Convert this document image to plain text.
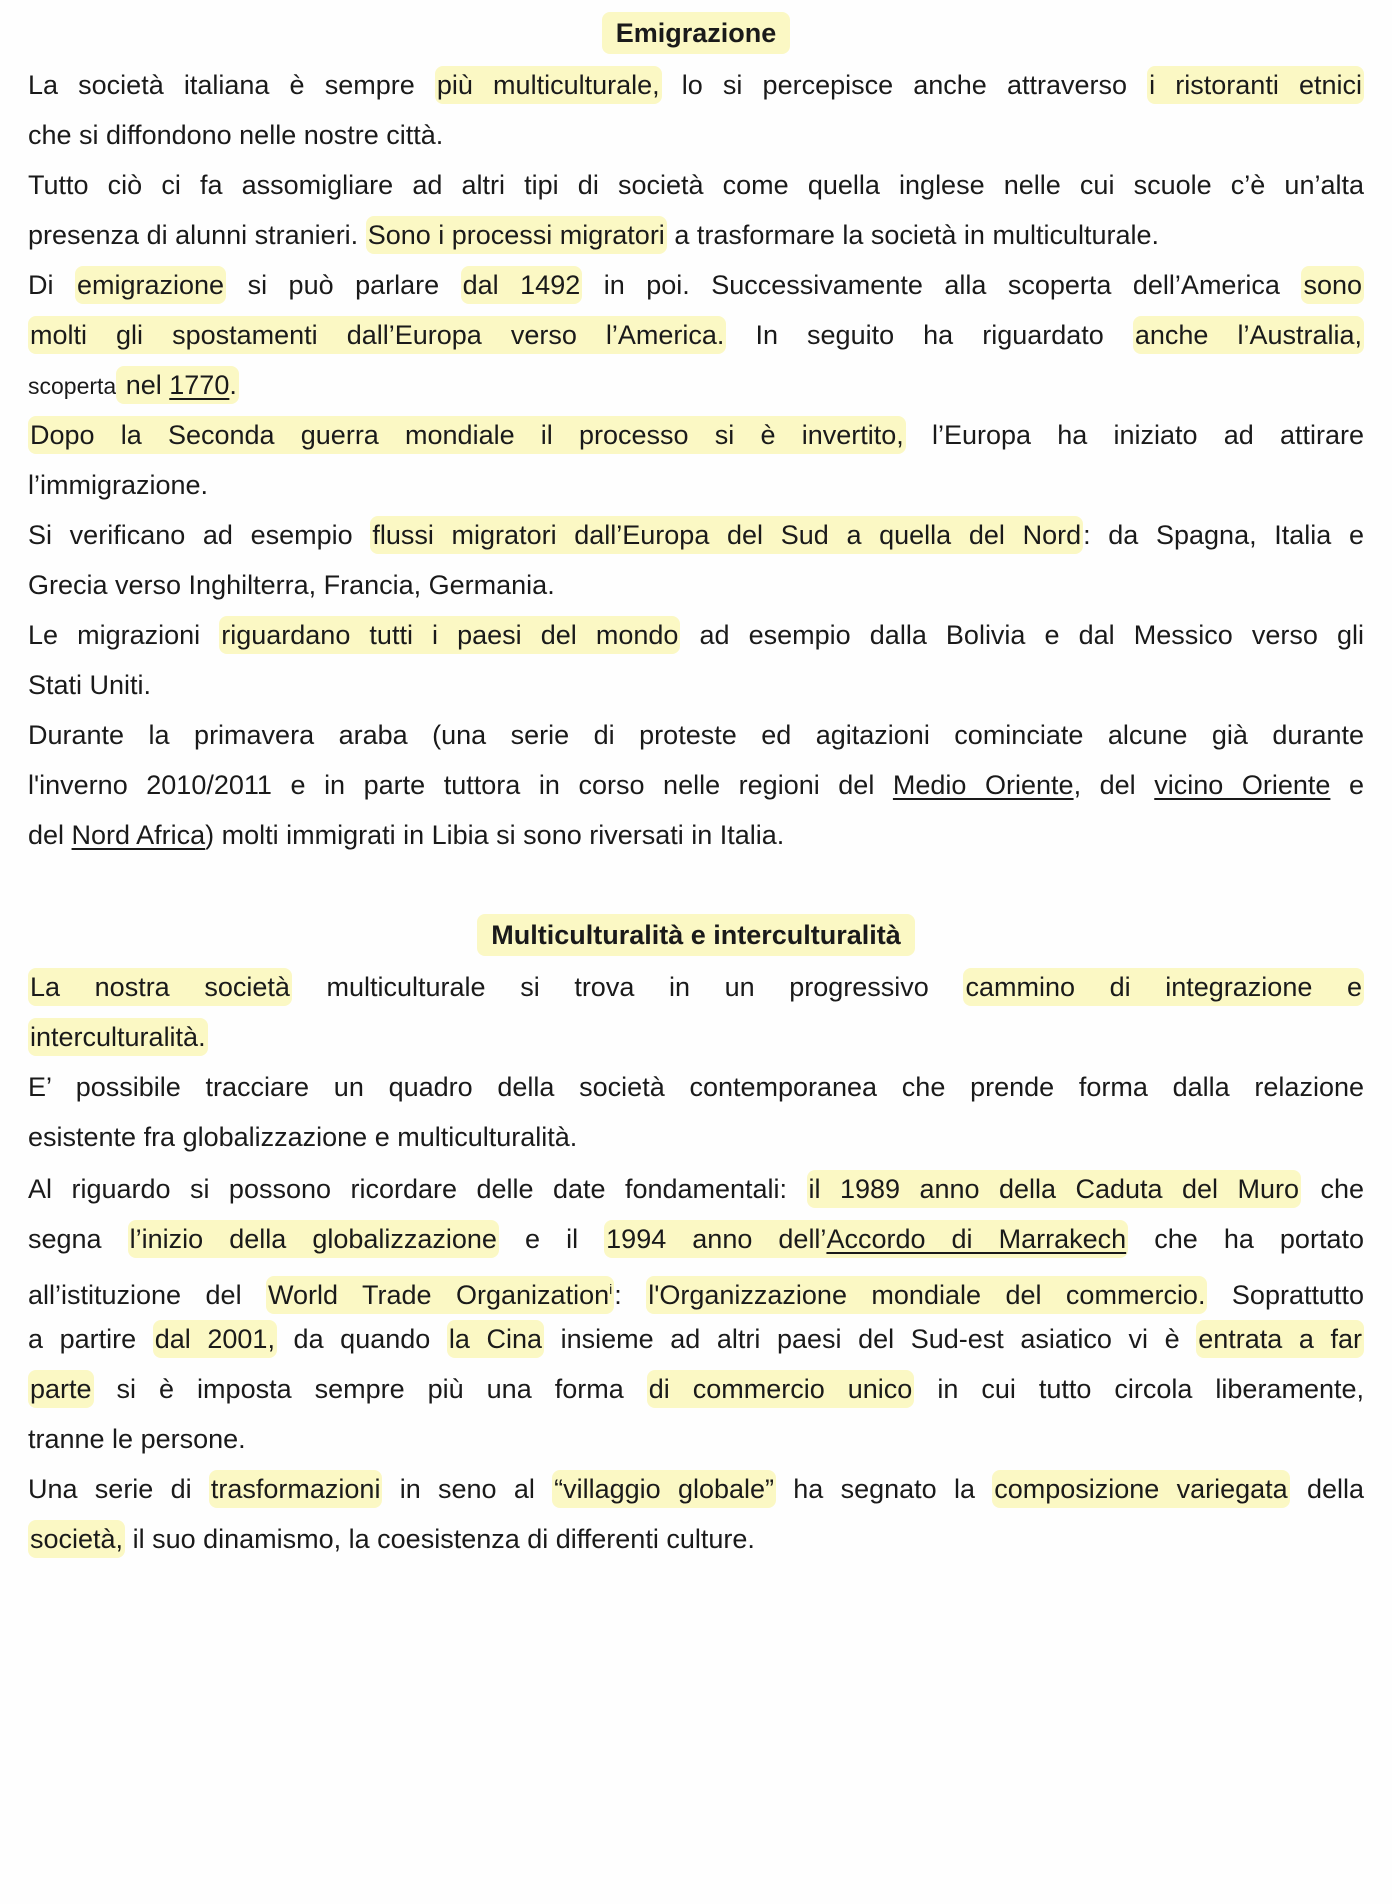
Emigrazione
La società italiana è sempre più multiculturale, lo si percepisce anche attraverso i ristoranti etnici
che si diffondono nelle nostre città.
Tutto ciò ci fa assomigliare ad altri tipi di società come quella inglese nelle cui scuole c’è un’alta
presenza di alunni stranieri. Sono i processi migratori a trasformare la società in multiculturale.
Di emigrazione si può parlare dal 1492 in poi. Successivamente alla scoperta dell’America sono
molti gli spostamenti dall’Europa verso l’America. In seguito ha riguardato anche l’Australia,
scoperta nel 1770.
Dopo la Seconda guerra mondiale il processo si è invertito, l’Europa ha iniziato ad attirare
l’immigrazione.
Si verificano ad esempio flussi migratori dall’Europa del Sud a quella del Nord: da Spagna, Italia e
Grecia verso Inghilterra, Francia, Germania.
Le migrazioni riguardano tutti i paesi del mondo ad esempio dalla Bolivia e dal Messico verso gli
Stati Uniti.
Durante la primavera araba (una serie di proteste ed agitazioni cominciate alcune già durante
l'inverno 2010/2011 e in parte tuttora in corso nelle regioni del Medio Oriente, del vicino Oriente e
del Nord Africa) molti immigrati in Libia si sono riversati in Italia.
Multiculturalità e interculturalità
La nostra società multiculturale si trova in un progressivo cammino di integrazione e
interculturalità.
E’ possibile tracciare un quadro della società contemporanea che prende forma dalla relazione
esistente fra globalizzazione e multiculturalità.
Al riguardo si possono ricordare delle date fondamentali: il 1989 anno della Caduta del Muro che
segna l’inizio della globalizzazione e il 1994 anno dell’Accordo di Marrakech che ha portato
all’istituzione del World Trade Organization$^i$: l'Organizzazione mondiale del commercio. Soprattutto
a partire dal 2001, da quando la Cina insieme ad altri paesi del Sud-est asiatico vi è entrata a far
parte si è imposta sempre più una forma di commercio unico in cui tutto circola liberamente,
tranne le persone.
Una serie di trasformazioni in seno al “villaggio globale” ha segnato la composizione variegata della
società, il suo dinamismo, la coesistenza di differenti culture.
